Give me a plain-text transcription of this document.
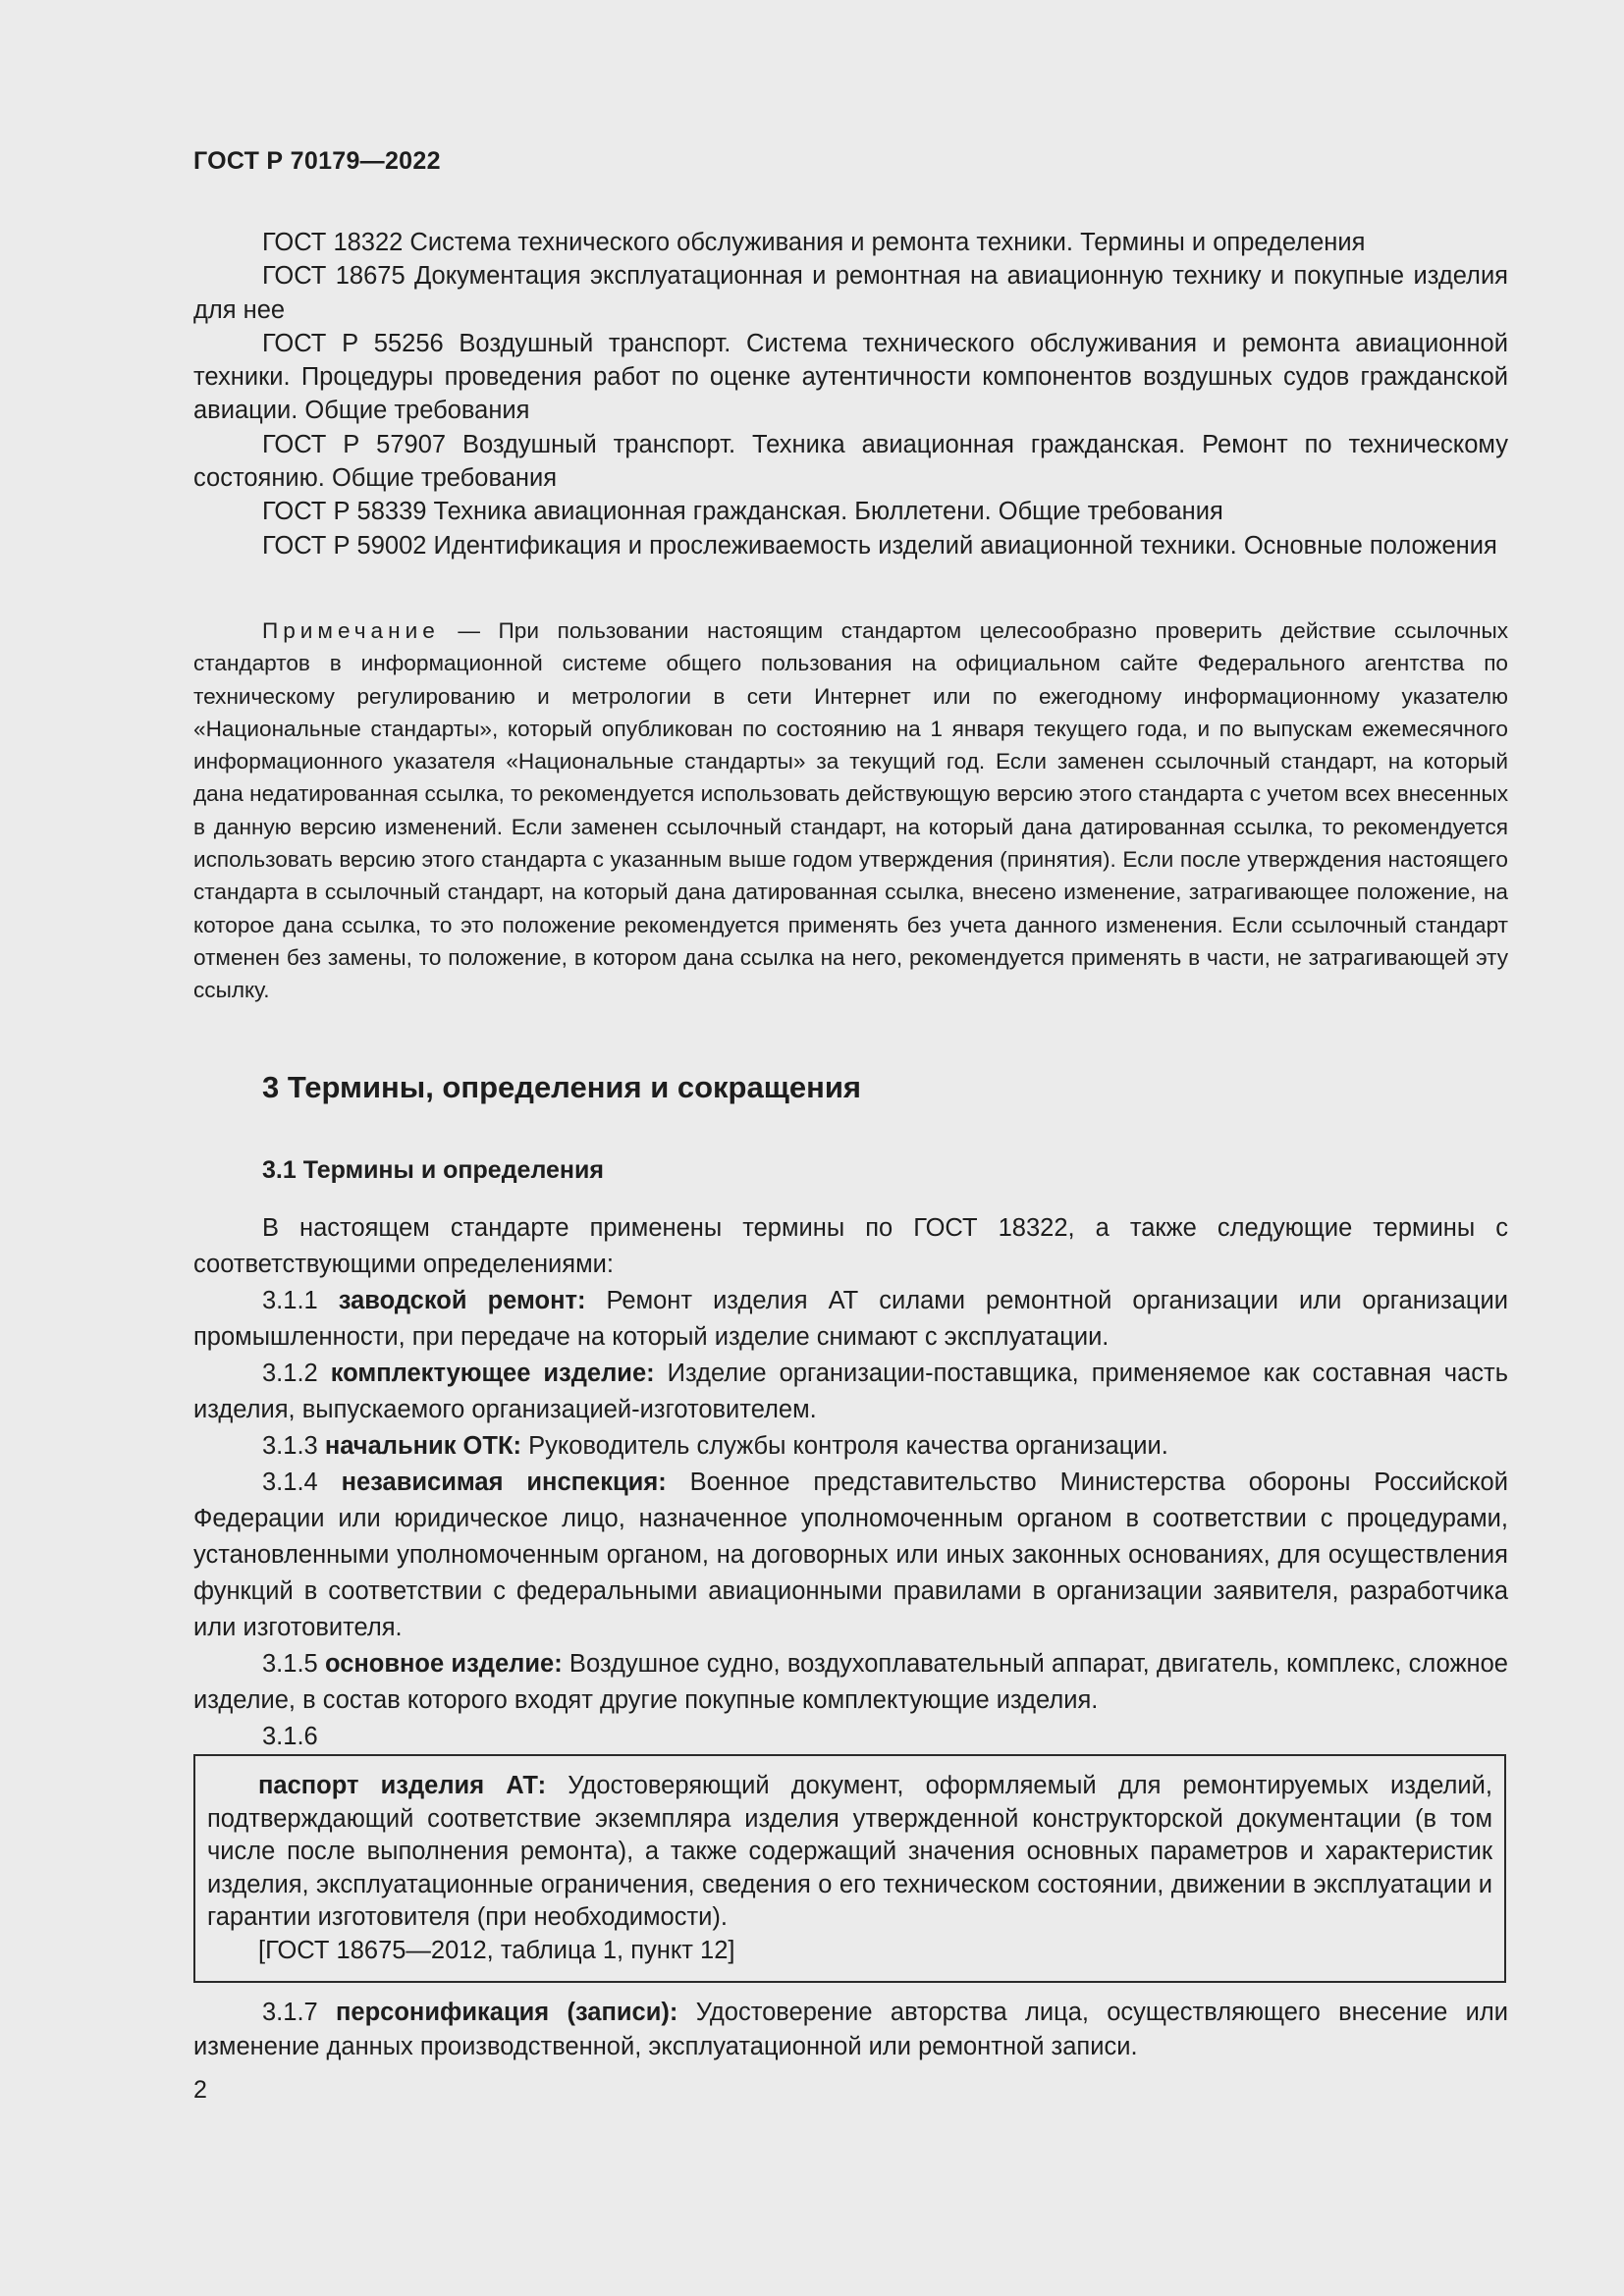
ГОСТ Р 70179—2022

ГОСТ 18322 Система технического обслуживания и ремонта техники. Термины и определения

ГОСТ 18675 Документация эксплуатационная и ремонтная на авиационную технику и покупные изделия для нее

ГОСТ Р 55256 Воздушный транспорт. Система технического обслуживания и ремонта авиационной техники. Процедуры проведения работ по оценке аутентичности компонентов воздушных судов гражданской авиации. Общие требования

ГОСТ Р 57907 Воздушный транспорт. Техника авиационная гражданская. Ремонт по техническому состоянию. Общие требования

ГОСТ Р 58339 Техника авиационная гражданская. Бюллетени. Общие требования

ГОСТ Р 59002 Идентификация и прослеживаемость изделий авиационной техники. Основные положения

Примечание — При пользовании настоящим стандартом целесообразно проверить действие ссылочных стандартов в информационной системе общего пользования на официальном сайте Федерального агентства по техническому регулированию и метрологии в сети Интернет или по ежегодному информационному указателю «Национальные стандарты», который опубликован по состоянию на 1 января текущего года, и по выпускам ежемесячного информационного указателя «Национальные стандарты» за текущий год. Если заменен ссылочный стандарт, на который дана недатированная ссылка, то рекомендуется использовать действующую версию этого стандарта с учетом всех внесенных в данную версию изменений. Если заменен ссылочный стандарт, на который дана датированная ссылка, то рекомендуется использовать версию этого стандарта с указанным выше годом утверждения (принятия). Если после утверждения настоящего стандарта в ссылочный стандарт, на который дана датированная ссылка, внесено изменение, затрагивающее положение, на которое дана ссылка, то это положение рекомендуется применять без учета данного изменения. Если ссылочный стандарт отменен без замены, то положение, в котором дана ссылка на него, рекомендуется применять в части, не затрагивающей эту ссылку.

3 Термины, определения и сокращения
3.1 Термины и определения

В настоящем стандарте применены термины по ГОСТ 18322, а также следующие термины с соответствующими определениями:

3.1.1 заводской ремонт: Ремонт изделия АТ силами ремонтной организации или организации промышленности, при передаче на который изделие снимают с эксплуатации.

3.1.2 комплектующее изделие: Изделие организации-поставщика, применяемое как составная часть изделия, выпускаемого организацией-изготовителем.

3.1.3 начальник ОТК: Руководитель службы контроля качества организации.

3.1.4 независимая инспекция: Военное представительство Министерства обороны Российской Федерации или юридическое лицо, назначенное уполномоченным органом в соответствии с процедурами, установленными уполномоченным органом, на договорных или иных законных основаниях, для осуществления функций в соответствии с федеральными авиационными правилами в организации заявителя, разработчика или изготовителя.

3.1.5 основное изделие: Воздушное судно, воздухоплавательный аппарат, двигатель, комплекс, сложное изделие, в состав которого входят другие покупные комплектующие изделия.

3.1.6

паспорт изделия АТ: Удостоверяющий документ, оформляемый для ремонтируемых изделий, подтверждающий соответствие экземпляра изделия утвержденной конструкторской документации (в том числе после выполнения ремонта), а также содержащий значения основных параметров и характеристик изделия, эксплуатационные ограничения, сведения о его техническом состоянии, движении в эксплуатации и гарантии изготовителя (при необходимости).

[ГОСТ 18675—2012, таблица 1, пункт 12]

3.1.7 персонификация (записи): Удостоверение авторства лица, осуществляющего внесение или изменение данных производственной, эксплуатационной или ремонтной записи.

2
